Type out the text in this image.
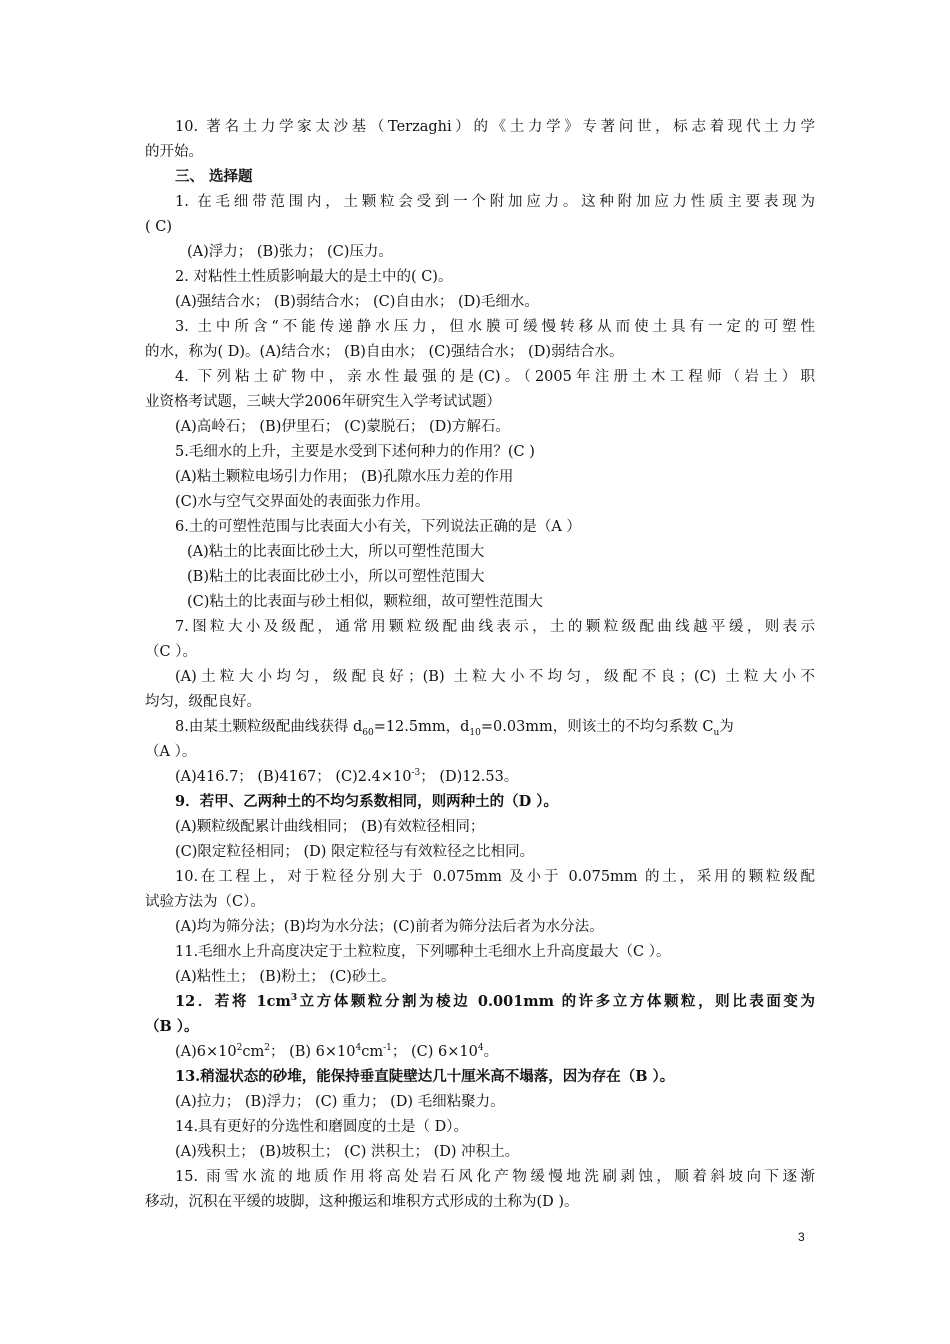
10. 著名土力学家太沙基（Terzaghi）的《土力学》专著问世，标志着现代土力学
的开始。
三、 选择题
1. 在毛细带范围内，土颗粒会受到一个附加应力。这种附加应力性质主要表现为
( C)
(A)浮力； (B)张力； (C)压力。
2. 对粘性土性质影响最大的是土中的( C)。
(A)强结合水； (B)弱结合水； (C)自由水； (D)毛细水。
3. 土中所含“不能传递静水压力，但水膜可缓慢转移从而使土具有一定的可塑性
的水，称为( D)。(A)结合水； (B)自由水； (C)强结合水； (D)弱结合水。
4. 下列粘土矿物中，亲水性最强的是(C)。（2005年注册土木工程师（岩土）职
业资格考试题，三峡大学2006年研究生入学考试试题）
(A)高岭石； (B)伊里石； (C)蒙脱石； (D)方解石。
5.毛细水的上升，主要是水受到下述何种力的作用？(C )
(A)粘土颗粒电场引力作用； (B)孔隙水压力差的作用
(C)水与空气交界面处的表面张力作用。
6.土的可塑性范围与比表面大小有关，下列说法正确的是（A ）
(A)粘土的比表面比砂土大，所以可塑性范围大
(B)粘土的比表面比砂土小，所以可塑性范围大
(C)粘土的比表面与砂土相似，颗粒细，故可塑性范围大
7.图粒大小及级配，通常用颗粒级配曲线表示，土的颗粒级配曲线越平缓，则表示
（C ）。
(A)土粒大小均匀，级配良好；(B) 土粒大小不均匀，级配不良；(C) 土粒大小不
均匀，级配良好。
8.由某土颗粒级配曲线获得 $d_{60}=12.5mm$，$d_{10}=0.03mm$，则该土的不均匀系数 $C_u$为
（A ）。
(A)416.7； (B)4167； $(C)2.4\times 10^{-3}$； (D)12.53。
9．若甲、乙两种土的不均匀系数相同，则两种土的（D ）。
(A)颗粒级配累计曲线相同； (B)有效粒径相同；
(C)限定粒径相同； (D) 限定粒径与有效粒径之比相同。
10.在工程上，对于粒径分别大于 0.075mm 及小于 0.075mm 的土，采用的颗粒级配
试验方法为（C）。
(A)均为筛分法；(B)均为水分法；(C)前者为筛分法后者为水分法。
11.毛细水上升高度决定于土粒粒度，下列哪种土毛细水上升高度最大（C ）。
(A)粘性土； (B)粉土； (C)砂土。
12．若将 $1cm^3$立方体颗粒分割为棱边 0.001mm 的许多立方体颗粒，则比表面变为
（B ）。
$(A)6\times 10^2cm^2$； (B) $6\times 10^4cm^{-1}$； (C) $6\times 10^4$。
13.稍湿状态的砂堆，能保持垂直陡壁达几十厘米高不塌落，因为存在（B ）。
(A)拉力； (B)浮力； (C) 重力； (D) 毛细粘聚力。
14.具有更好的分选性和磨圆度的土是（ D）。
(A)残积土； (B)坡积土； (C) 洪积土； (D) 冲积土。
15. 雨雪水流的地质作用将高处岩石风化产物缓慢地洗刷剥蚀，顺着斜坡向下逐渐
移动，沉积在平缓的坡脚，这种搬运和堆积方式形成的土称为(D )。
3
